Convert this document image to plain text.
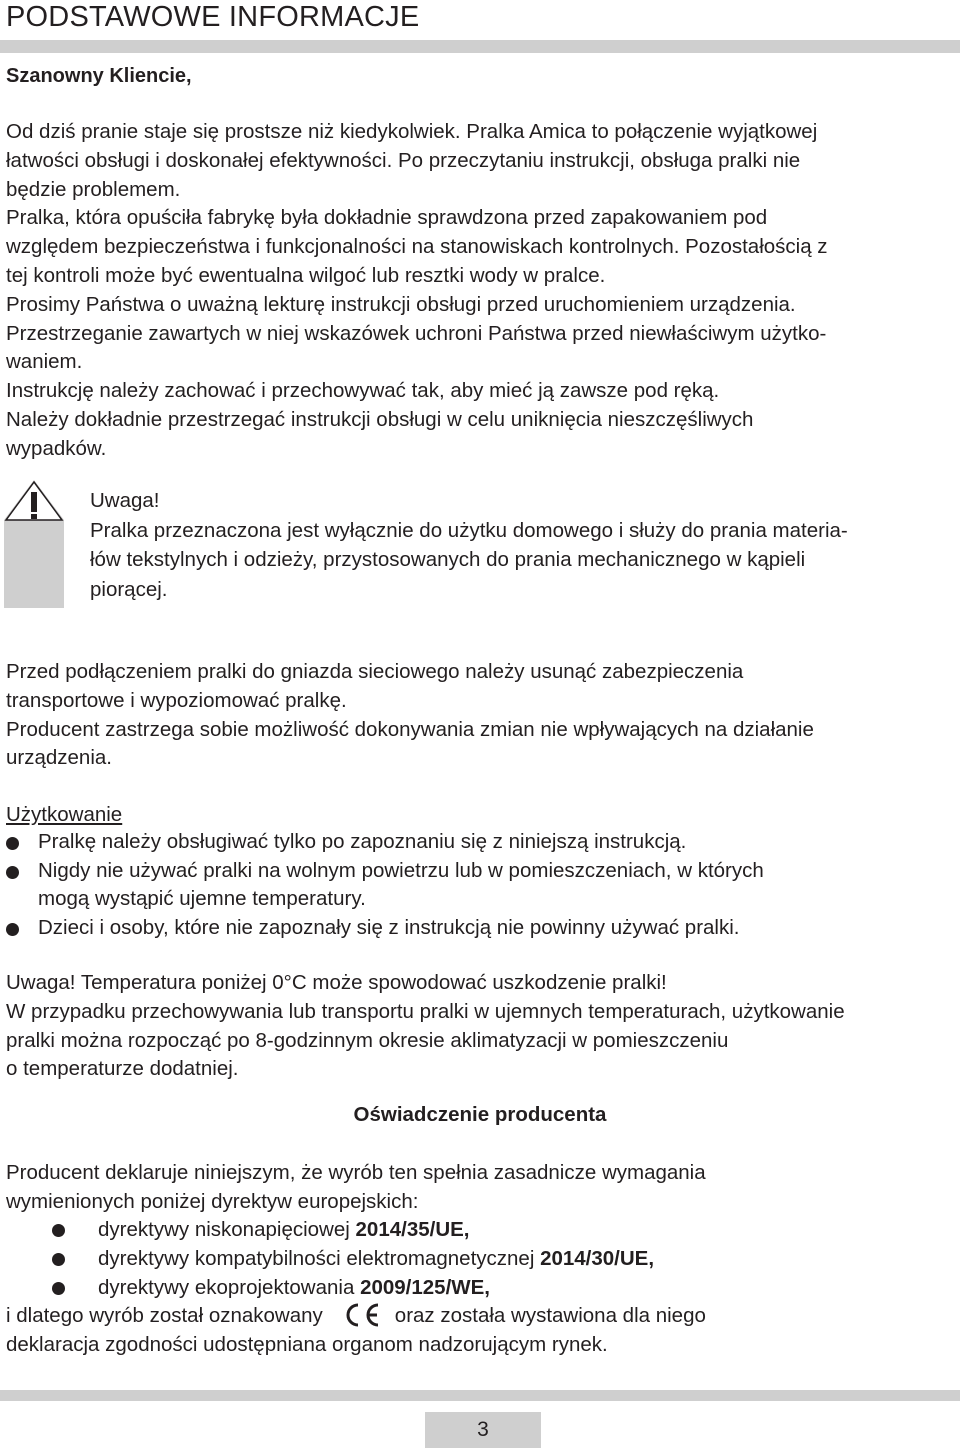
PODSTAWOWE INFORMACJE
Szanowny Kliencie,
Od dziś pranie staje się prostsze niż kiedykolwiek. Pralka Amica to połączenie wyjątkowej
łatwości obsługi i doskonałej efektywności. Po przeczytaniu instrukcji, obsługa pralki nie
będzie problemem.
Pralka, która opuściła fabrykę była dokładnie sprawdzona przed zapakowaniem pod
względem bezpieczeństwa i funkcjonalności na stanowiskach kontrolnych. Pozostałością z
tej kontroli może być ewentualna wilgoć lub resztki wody w pralce.
Prosimy Państwa o uważną lekturę instrukcji obsługi przed uruchomieniem urządzenia.
Przestrzeganie zawartych w niej wskazówek uchroni Państwa przed niewłaściwym użytko-
waniem.
Instrukcję należy zachować i przechowywać tak, aby mieć ją zawsze pod ręką.
Należy dokładnie przestrzegać instrukcji obsługi w celu uniknięcia nieszczęśliwych
wypadków.
Uwaga!
Pralka przeznaczona jest wyłącznie do użytku domowego i służy do prania materia-
łów tekstylnych i odzieży, przystosowanych do prania mechanicznego w kąpieli
piorącej.
Przed podłączeniem pralki do gniazda sieciowego należy usunąć zabezpieczenia
transportowe i wypoziomować pralkę.
Producent zastrzega sobie możliwość dokonywania zmian nie wpływających na działanie
urządzenia.
Użytkowanie
Pralkę należy obsługiwać tylko po zapoznaniu się z niniejszą instrukcją.
Nigdy nie używać pralki na wolnym powietrzu lub w pomieszczeniach, w których
mogą wystąpić ujemne temperatury.
Dzieci i osoby, które nie zapoznały się z instrukcją nie powinny używać pralki.
Uwaga! Temperatura poniżej 0°C może spowodować uszkodzenie pralki!
W przypadku przechowywania lub transportu pralki w ujemnych temperaturach, użytkowanie
pralki można rozpocząć po 8-godzinnym okresie aklimatyzacji w pomieszczeniu
o temperaturze dodatniej.
Oświadczenie producenta
Producent deklaruje niniejszym, że wyrób ten spełnia zasadnicze wymagania
wymienionych poniżej dyrektyw europejskich:
dyrektywy niskonapięciowej 2014/35/UE,
dyrektywy kompatybilności elektromagnetycznej 2014/30/UE,
dyrektywy ekoprojektowania 2009/125/WE,
i dlatego wyrób został oznakowany	oraz została wystawiona dla niego
deklaracja zgodności udostępniana organom nadzorującym rynek.
3
